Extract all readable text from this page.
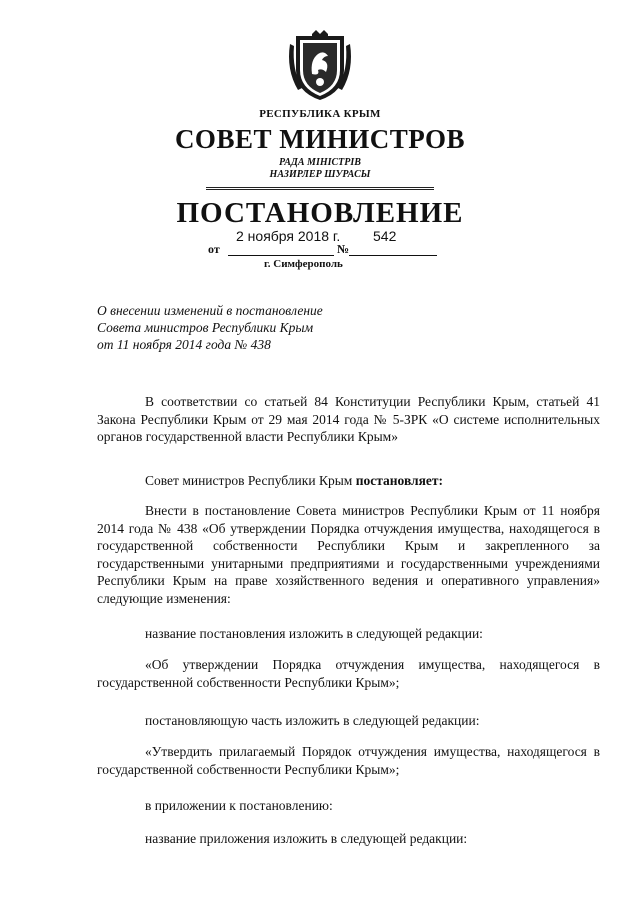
РЕСПУБЛИКА КРЫМ
СОВЕТ МИНИСТРОВ
РАДА МІНІСТРІВ
НАЗИРЛЕР ШУРАСЫ
ПОСТАНОВЛЕНИЕ
2 ноября 2018 г. 542
от	№
г. Симферополь
О внесении изменений в постановление
Совета министров Республики Крым
от 11 ноября 2014 года № 438

В соответствии со статьей 84 Конституции Республики Крым, статьей 41 Закона Республики Крым от 29 мая 2014 года № 5-ЗРК «О системе исполнительных органов государственной власти Республики Крым»

Совет министров Республики Крым постановляет:

Внести в постановление Совета министров Республики Крым от 11 ноября 2014 года № 438 «Об утверждении Порядка отчуждения имущества, находящегося в государственной собственности Республики Крым и закрепленного за государственными унитарными предприятиями и государственными учреждениями Республики Крым на праве хозяйственного ведения и оперативного управления» следующие изменения:

название постановления изложить в следующей редакции:

«Об утверждении Порядка отчуждения имущества, находящегося в государственной собственности Республики Крым»;

постановляющую часть изложить в следующей редакции:

«Утвердить прилагаемый Порядок отчуждения имущества, находящегося в государственной собственности Республики Крым»;

в приложении к постановлению:

название приложения изложить в следующей редакции:
